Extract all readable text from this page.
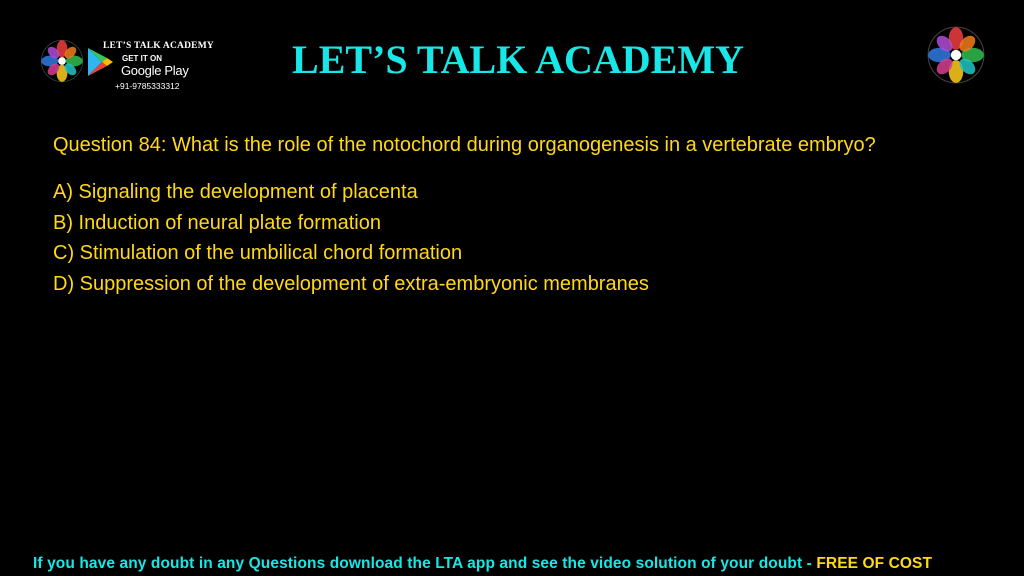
LET’S TALK ACADEMY
GET IT ON
Google Play
+91-9785333312
LET’S TALK ACADEMY
Question 84: What is the role of the notochord during organogenesis in a vertebrate embryo?
A) Signaling the development of placenta
B) Induction of neural plate formation
C) Stimulation of the umbilical chord formation
D) Suppression of the development of extra-embryonic membranes
If you have any doubt in any Questions download the LTA app and see the video solution of your doubt - FREE OF COST
